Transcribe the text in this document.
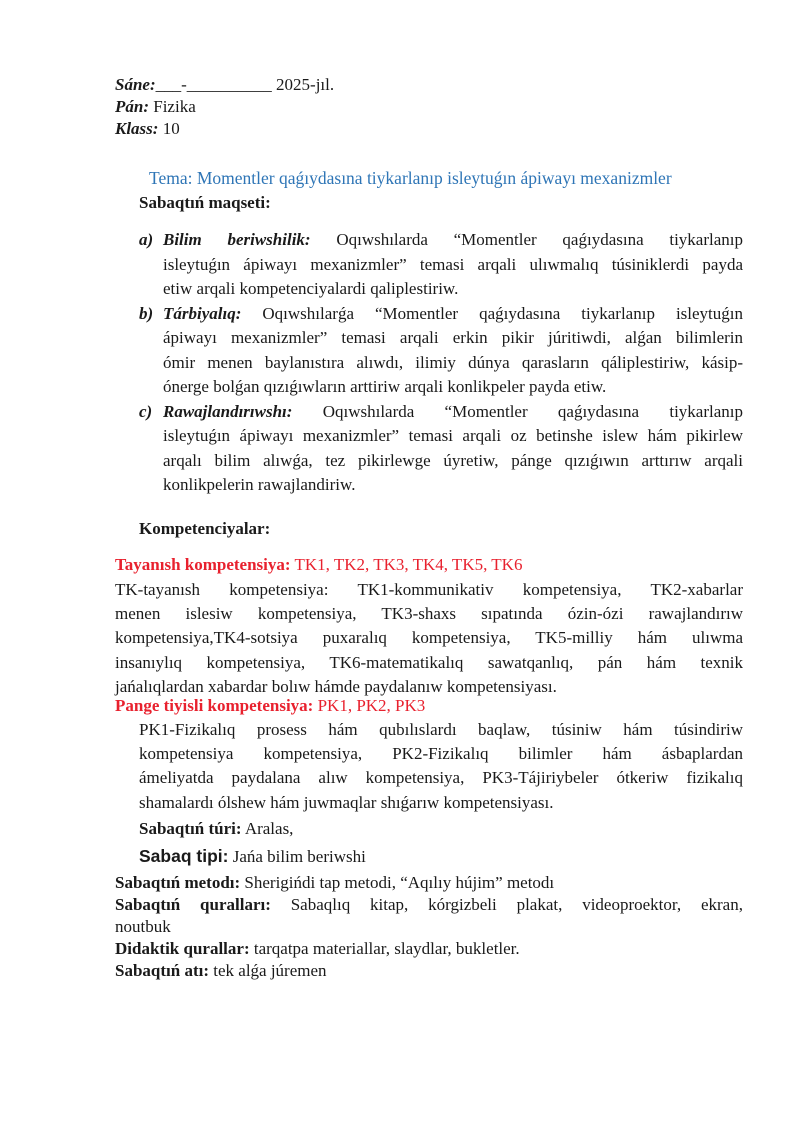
Sáne:___-__________ 2025-jıl.
Pán: Fizika
Klass: 10
Tema: Momentler qaǵıydasına tiykarlanıp isleytuǵın ápiwayı mexanizmler
Sabaqtıń maqseti:
a) Bilim beriwshilik: Oqıwshılarda “Momentler qaǵıydasına tiykarlanıp
isleytuǵın ápiwayı mexanizmler” temasi arqali ulıwmalıq túsiniklerdi payda
etiw arqali kompetenciyalardi qaliplestiriw.
b) Tárbiyalıq: Oqıwshılarǵa “Momentler qaǵıydasına tiykarlanıp isleytuǵın
ápiwayı mexanizmler” temasi arqali erkin pikir júritiwdi, alǵan bilimlerin
ómir menen baylanıstıra alıwdı, ilimiy dúnya qarasların qáliplestiriw, kásip-
ónerge bolǵan qızıǵıwların arttiriw arqali konlikpeler payda etiw.
c) Rawajlandırıwshı: Oqıwshılarda “Momentler qaǵıydasına tiykarlanıp
isleytuǵın ápiwayı mexanizmler” temasi arqali oz betinshe islew hám pikirlew
arqalı bilim alıwǵa, tez pikirlewge úyretiw, pánge qızıǵıwın arttırıw arqali
konlikpelerin rawajlandiriw.
Kompetenciyalar:
Tayanısh kompetensiya: TK1, TK2, TK3, TK4, TK5, TK6
TK-tayanısh kompetensiya: TK1-kommunikativ kompetensiya, TK2-xabarlar
menen islesiw kompetensiya, TK3-shaxs sıpatında ózin-ózi rawajlandırıw
kompetensiya,TK4-sotsiya puxaralıq kompetensiya, TK5-milliy hám ulıwma
insanıylıq kompetensiya, TK6-matematikalıq sawatqanlıq, pán hám texnik
jańalıqlardan xabardar bolıw hámde paydalanıw kompetensiyası.
Pange tiyisli kompetensiya: PK1, PK2, PK3
PK1-Fizikalıq prosess hám qubılıslardı baqlaw, túsiniw hám túsindiriw
kompetensiya kompetensiya, PK2-Fizikalıq bilimler hám ásbaplardan
ámeliyatda paydalana alıw kompetensiya, PK3-Tájiriybeler ótkeriw fizikalıq
shamalardı ólshew hám juwmaqlar shıǵarıw kompetensiyası.
Sabaqtıń túri: Aralas,
Sabaq tipi: Jańa bilim beriwshi
Sabaqtıń metodı: Sherigińdi tap metodi, “Aqılıy hújim” metodı
Sabaqtıń quralları: Sabaqlıq kitap, kórgizbeli plakat, videoproektor, ekran,
noutbuk
Didaktik qurallar: tarqatpa materiallar, slaydlar, bukletler.
Sabaqtıń atı: tek alǵa júremen
